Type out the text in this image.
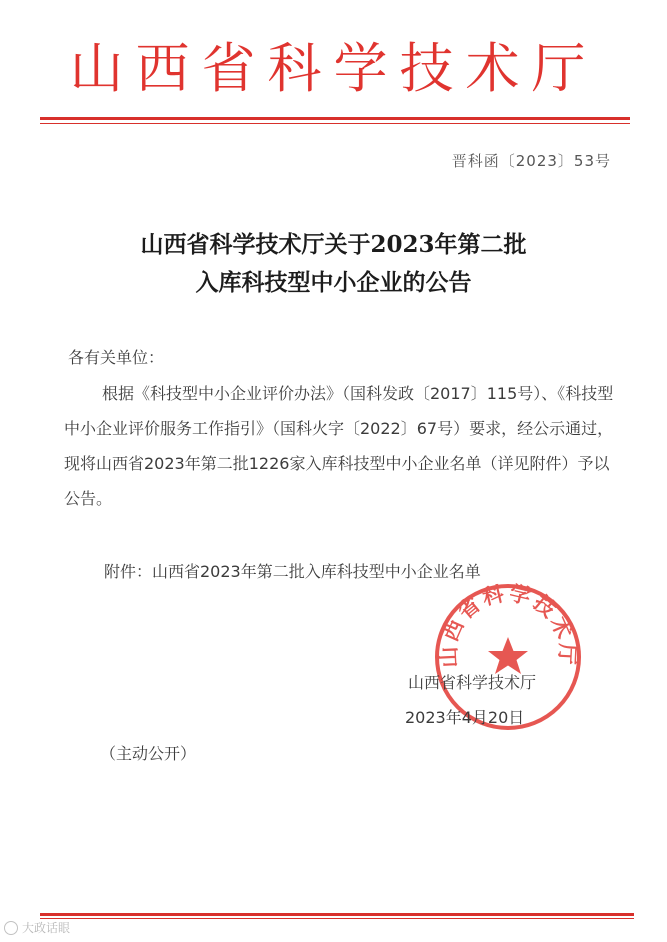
山西省科学技术厅
晋科函〔2023〕53号
山西省科学技术厅关于2023年第二批
入库科技型中小企业的公告
各有关单位：
根据《科技型中小企业评价办法》（国科发政〔2017〕115号）、《科技型中小企业评价服务工作指引》（国科火字〔2022〕67号）要求，经公示通过，现将山西省2023年第二批1226家入库科技型中小企业名单（详见附件）予以公告。
附件：山西省2023年第二批入库科技型中小企业名单
山西省科学技术厅
山西省科学技术厅
2023年4月20日
（主动公开）
大政话眼
